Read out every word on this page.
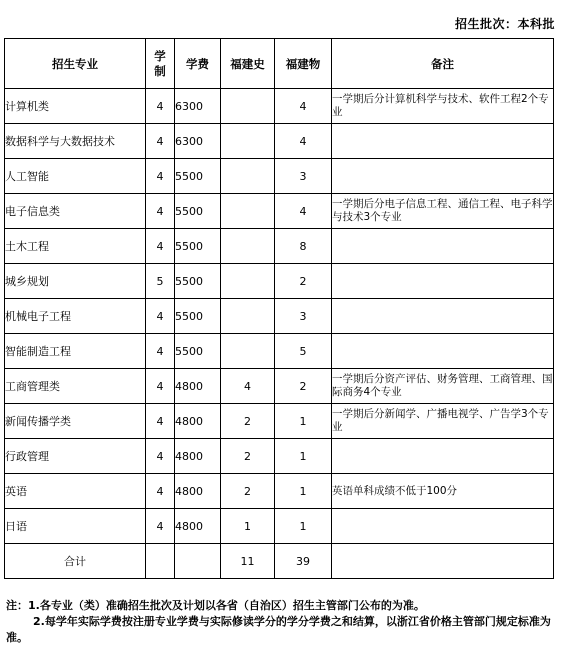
招生批次：本科批
招生专业	学制	学费	福建史	福建物	备注
计算机类	4	6300		4	一学期后分计算机科学与技术、软件工程2个专业
数据科学与大数据技术	4	6300		4	
人工智能	4	5500		3	
电子信息类	4	5500		4	一学期后分电子信息工程、通信工程、电子科学与技术3个专业
土木工程	4	5500		8	
城乡规划	5	5500		2	
机械电子工程	4	5500		3	
智能制造工程	4	5500		5	
工商管理类	4	4800	4	2	一学期后分资产评估、财务管理、工商管理、国际商务4个专业
新闻传播学类	4	4800	2	1	一学期后分新闻学、广播电视学、广告学3个专业
行政管理	4	4800	2	1	
英语	4	4800	2	1	英语单科成绩不低于100分
日语	4	4800	1	1	
合计			11	39	
注：1.各专业（类）准确招生批次及计划以各省（自治区）招生主管部门公布的为准。
2.每学年实际学费按注册专业学费与实际修读学分的学分学费之和结算，以浙江省价格主管部门规定标准为准。
